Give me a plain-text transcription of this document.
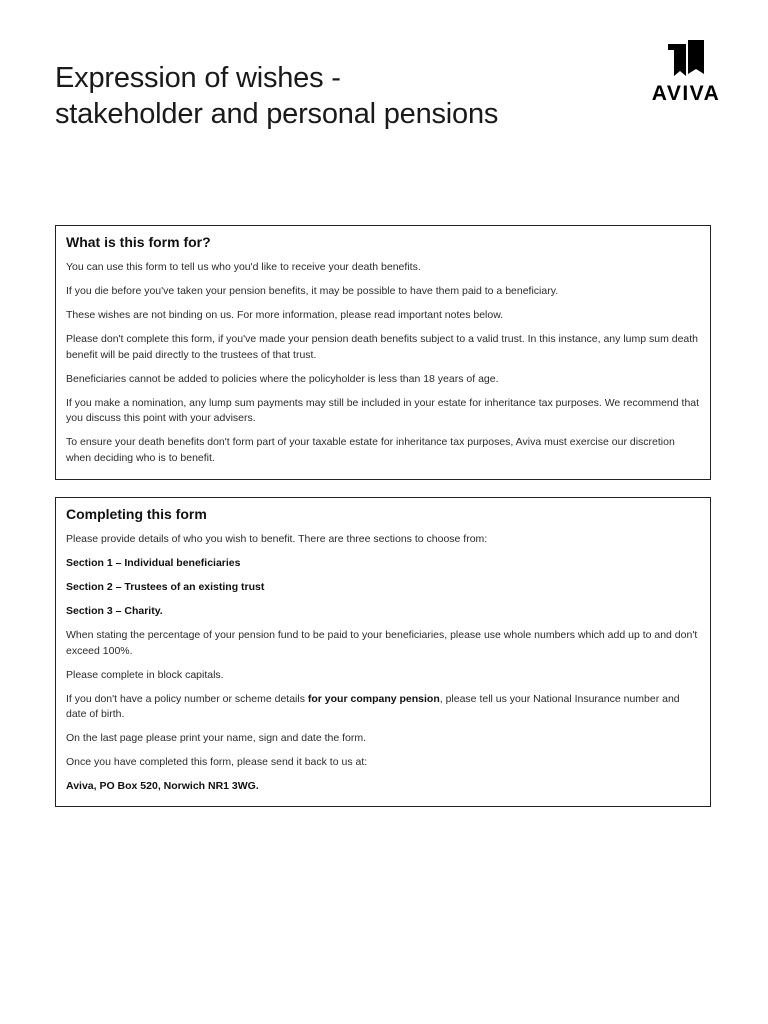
Expression of wishes -
stakeholder and personal pensions
AVIVA
What is this form for?

You can use this form to tell us who you'd like to receive your death benefits.

If you die before you've taken your pension benefits, it may be possible to have them paid to a beneficiary.

These wishes are not binding on us. For more information, please read important notes below.

Please don't complete this form, if you've made your pension death benefits subject to a valid trust. In this instance, any lump sum death benefit will be paid directly to the trustees of that trust.

Beneficiaries cannot be added to policies where the policyholder is less than 18 years of age.

If you make a nomination, any lump sum payments may still be included in your estate for inheritance tax purposes. We recommend that you discuss this point with your advisers.

To ensure your death benefits don't form part of your taxable estate for inheritance tax purposes, Aviva must exercise our discretion when deciding who is to benefit.

Completing this form

Please provide details of who you wish to benefit. There are three sections to choose from:

Section 1 – Individual beneficiaries

Section 2 – Trustees of an existing trust

Section 3 – Charity.

When stating the percentage of your pension fund to be paid to your beneficiaries, please use whole numbers which add up to and don't exceed 100%.

Please complete in block capitals.

If you don't have a policy number or scheme details for your company pension, please tell us your National Insurance number and date of birth.

On the last page please print your name, sign and date the form.

Once you have completed this form, please send it back to us at:

Aviva, PO Box 520, Norwich NR1 3WG.
